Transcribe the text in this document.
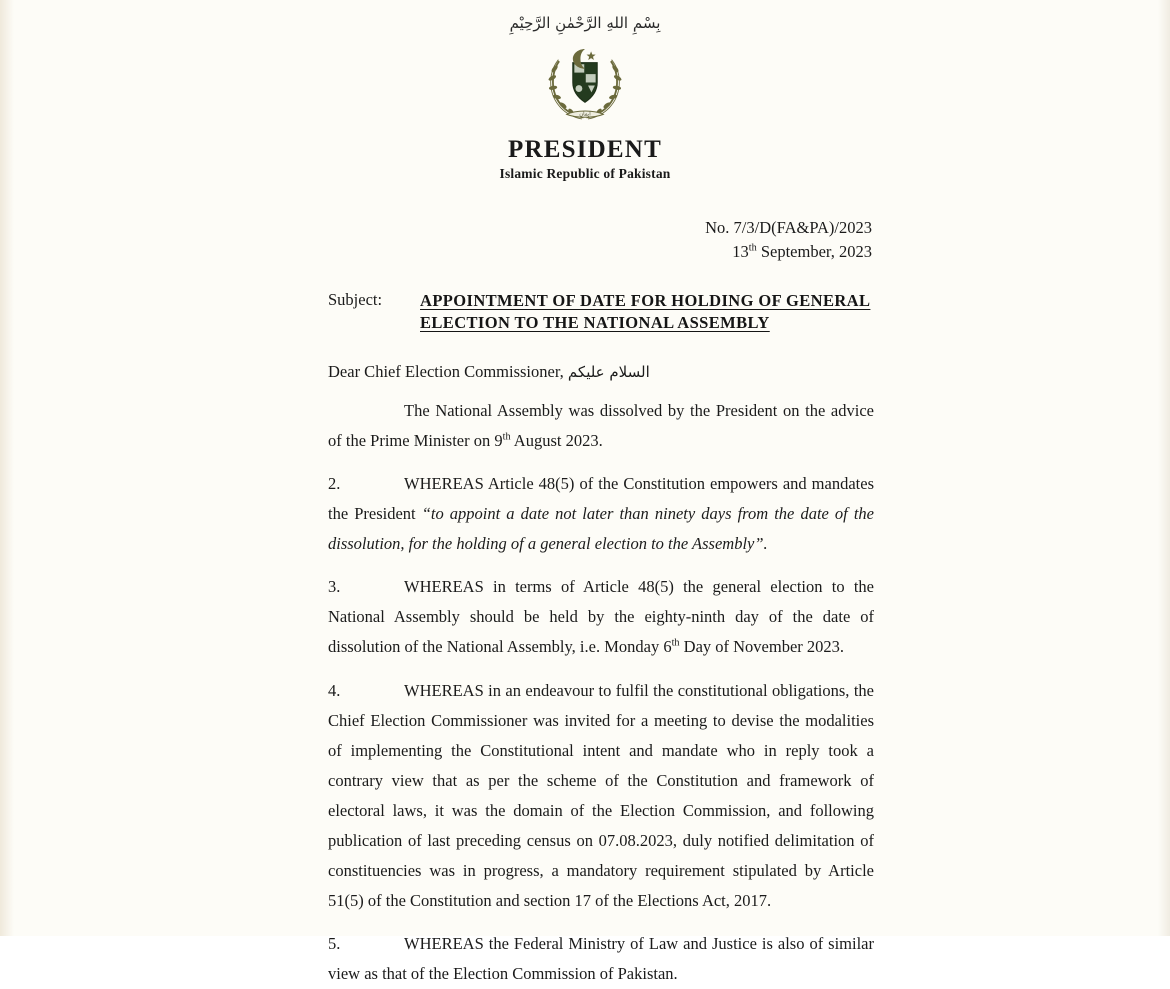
بِسْمِ اللهِ الرَّحْمٰنِ الرَّحِيْمِ
ایمان
PRESIDENT
Islamic Republic of Pakistan
No. 7/3/D(FA&PA)/2023
13th September, 2023
Subject:	APPOINTMENT OF DATE FOR HOLDING OF GENERAL ELECTION TO THE NATIONAL ASSEMBLY
Dear Chief Election Commissioner, السلام علیکم

The National Assembly was dissolved by the President on the advice of the Prime Minister on 9th August 2023.

2.	WHEREAS Article 48(5) of the Constitution empowers and mandates the President “to appoint a date not later than ninety days from the date of the dissolution, for the holding of a general election to the Assembly”.

3.	WHEREAS in terms of Article 48(5) the general election to the National Assembly should be held by the eighty-ninth day of the date of dissolution of the National Assembly, i.e. Monday 6th Day of November 2023.

4.	WHEREAS in an endeavour to fulfil the constitutional obligations, the Chief Election Commissioner was invited for a meeting to devise the modalities of implementing the Constitutional intent and mandate who in reply took a contrary view that as per the scheme of the Constitution and framework of electoral laws, it was the domain of the Election Commission, and following publication of last preceding census on 07.08.2023, duly notified delimitation of constituencies was in progress, a mandatory requirement stipulated by Article 51(5) of the Constitution and section 17 of the Elections Act, 2017.

5.	WHEREAS the Federal Ministry of Law and Justice is also of similar view as that of the Election Commission of Pakistan.
